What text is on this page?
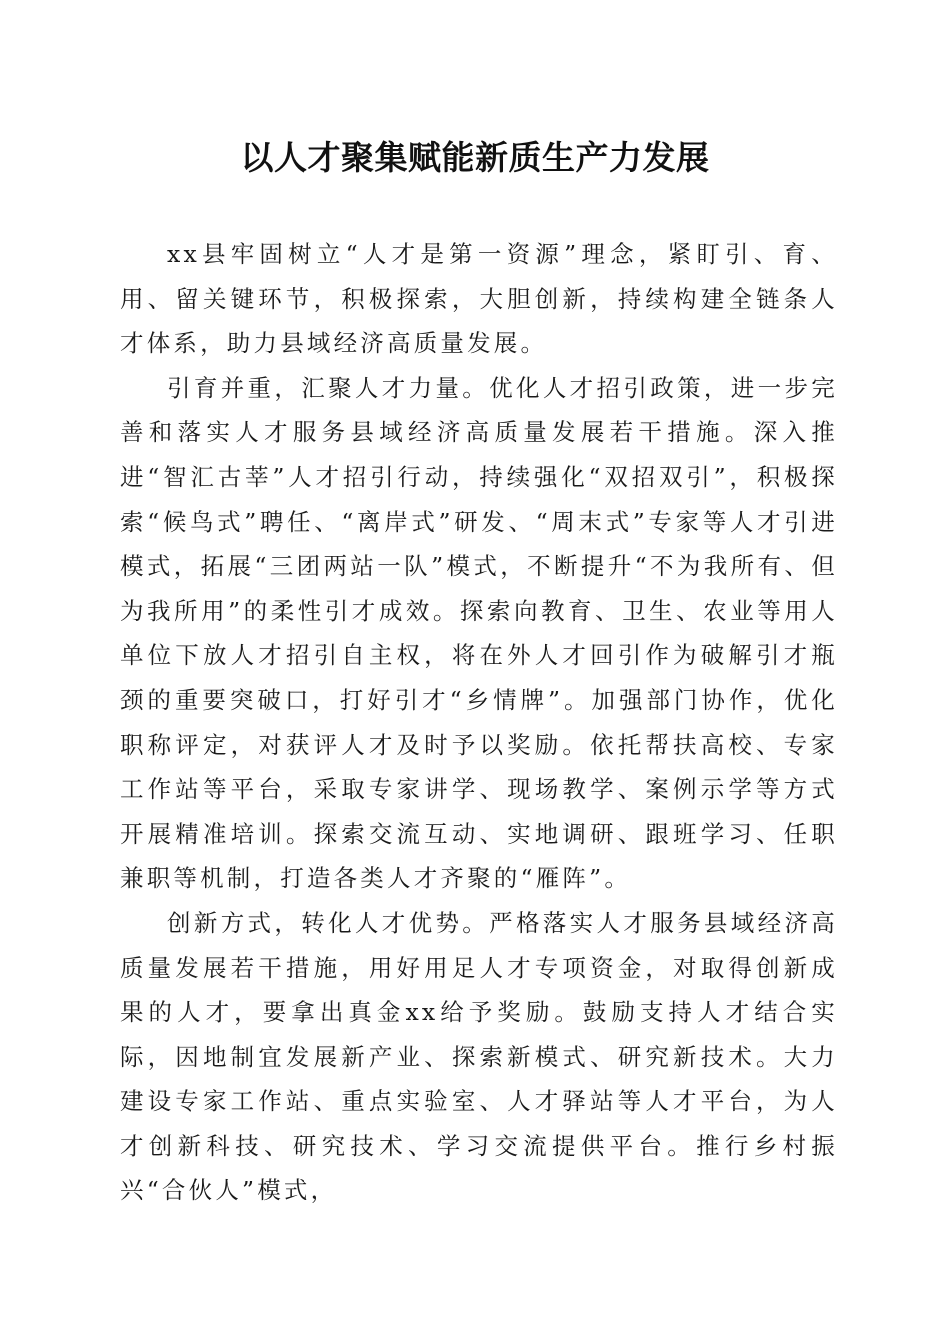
以人才聚集赋能新质生产力发展

xx县牢固树立“人才是第一资源”理念，紧盯引、育、用、留关键环节，积极探索，大胆创新，持续构建全链条人才体系，助力县域经济高质量发展。

引育并重，汇聚人才力量。优化人才招引政策，进一步完善和落实人才服务县域经济高质量发展若干措施。深入推进“智汇古莘”人才招引行动，持续强化“双招双引”，积极探索“候鸟式”聘任、“离岸式”研发、“周末式”专家等人才引进模式，拓展“三团两站一队”模式，不断提升“不为我所有、但为我所用”的柔性引才成效。探索向教育、卫生、农业等用人单位下放人才招引自主权，将在外人才回引作为破解引才瓶颈的重要突破口，打好引才“乡情牌”。加强部门协作，优化职称评定，对获评人才及时予以奖励。依托帮扶高校、专家工作站等平台，采取专家讲学、现场教学、案例示学等方式开展精准培训。探索交流互动、实地调研、跟班学习、任职兼职等机制，打造各类人才齐聚的“雁阵”。

创新方式，转化人才优势。严格落实人才服务县域经济高质量发展若干措施，用好用足人才专项资金，对取得创新成果的人才，要拿出真金xx给予奖励。鼓励支持人才结合实际，因地制宜发展新产业、探索新模式、研究新技术。大力建设专家工作站、重点实验室、人才驿站等人才平台，为人才创新科技、研究技术、学习交流提供平台。推行乡村振兴“合伙人”模式，
